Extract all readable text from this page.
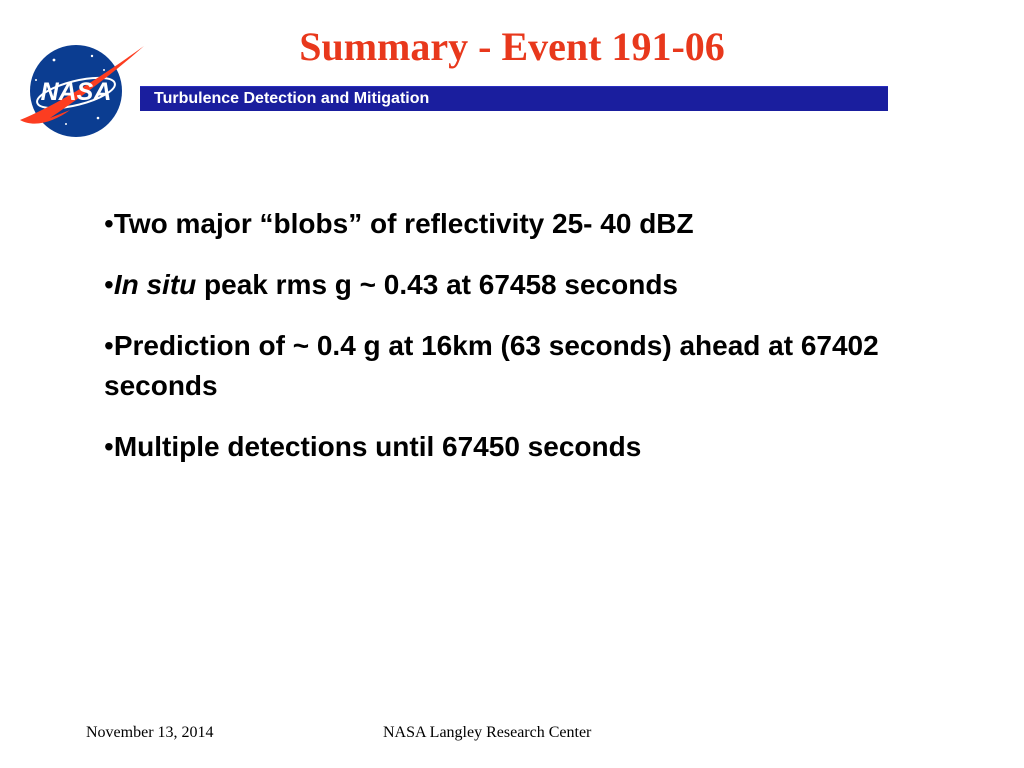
NASA
Summary - Event 191-06
Turbulence Detection and Mitigation
•Two major “blobs” of reflectivity 25- 40 dBZ
•In situ peak rms g ~ 0.43 at 67458 seconds
•Prediction of ~ 0.4 g at 16km (63 seconds) ahead at 67402 seconds
•Multiple detections until 67450 seconds
November 13, 2014	NASA Langley Research Center
